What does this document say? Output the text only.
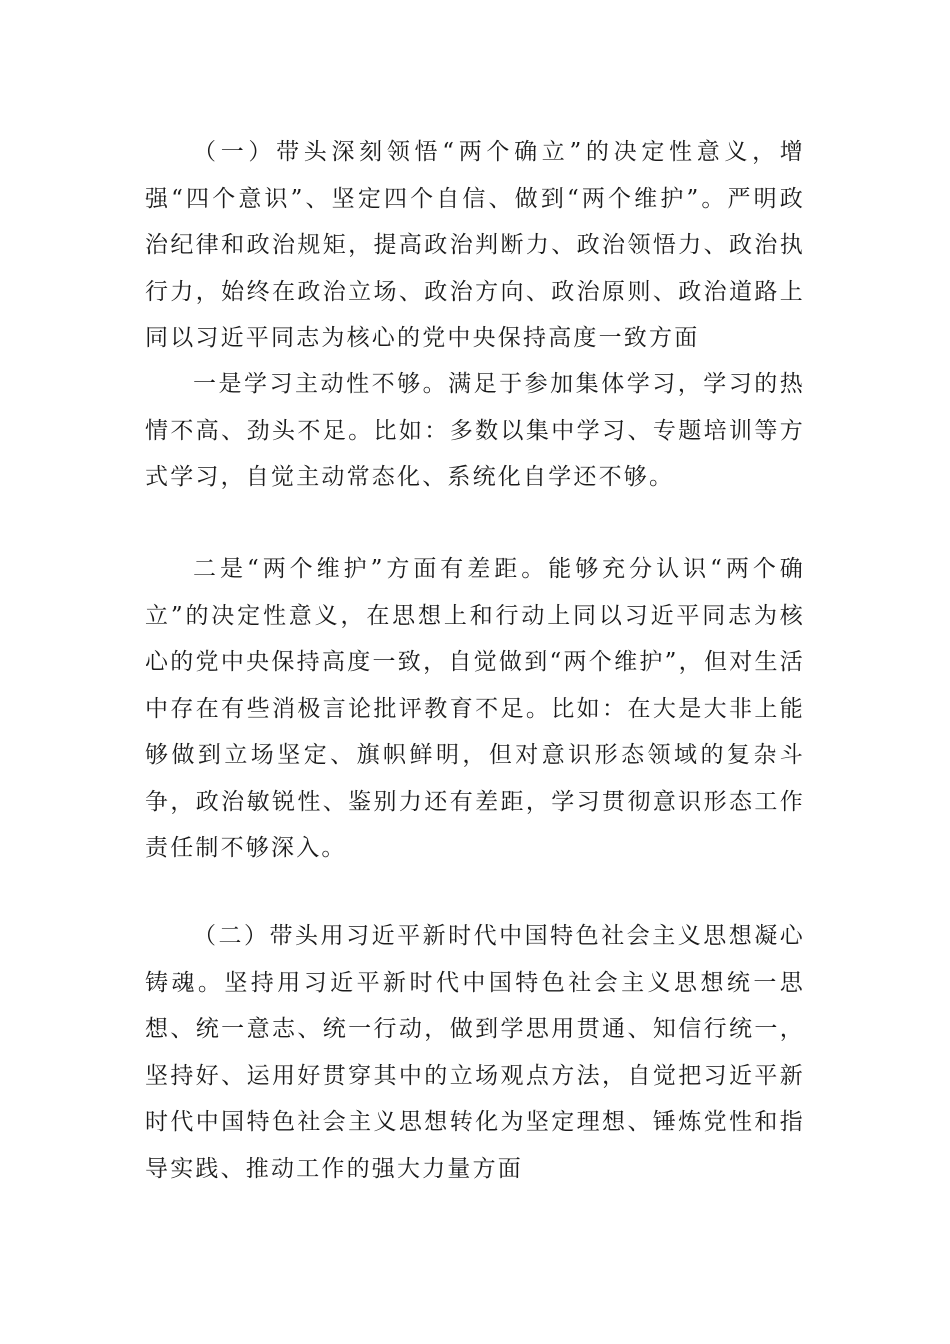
（一）带头深刻领悟“两个确立”的决定性意义，增强“四个意识”、坚定四个自信、做到“两个维护”。严明政治纪律和政治规矩，提高政治判断力、政治领悟力、政治执行力，始终在政治立场、政治方向、政治原则、政治道路上同以习近平同志为核心的党中央保持高度一致方面

一是学习主动性不够。满足于参加集体学习，学习的热情不高、劲头不足。比如：多数以集中学习、专题培训等方式学习，自觉主动常态化、系统化自学还不够。

二是“两个维护”方面有差距。能够充分认识“两个确立”的决定性意义，在思想上和行动上同以习近平同志为核心的党中央保持高度一致，自觉做到“两个维护”，但对生活中存在有些消极言论批评教育不足。比如：在大是大非上能够做到立场坚定、旗帜鲜明，但对意识形态领域的复杂斗争，政治敏锐性、鉴别力还有差距，学习贯彻意识形态工作责任制不够深入。

（二）带头用习近平新时代中国特色社会主义思想凝心铸魂。坚持用习近平新时代中国特色社会主义思想统一思想、统一意志、统一行动，做到学思用贯通、知信行统一，坚持好、运用好贯穿其中的立场观点方法，自觉把习近平新时代中国特色社会主义思想转化为坚定理想、锤炼党性和指导实践、推动工作的强大力量方面
